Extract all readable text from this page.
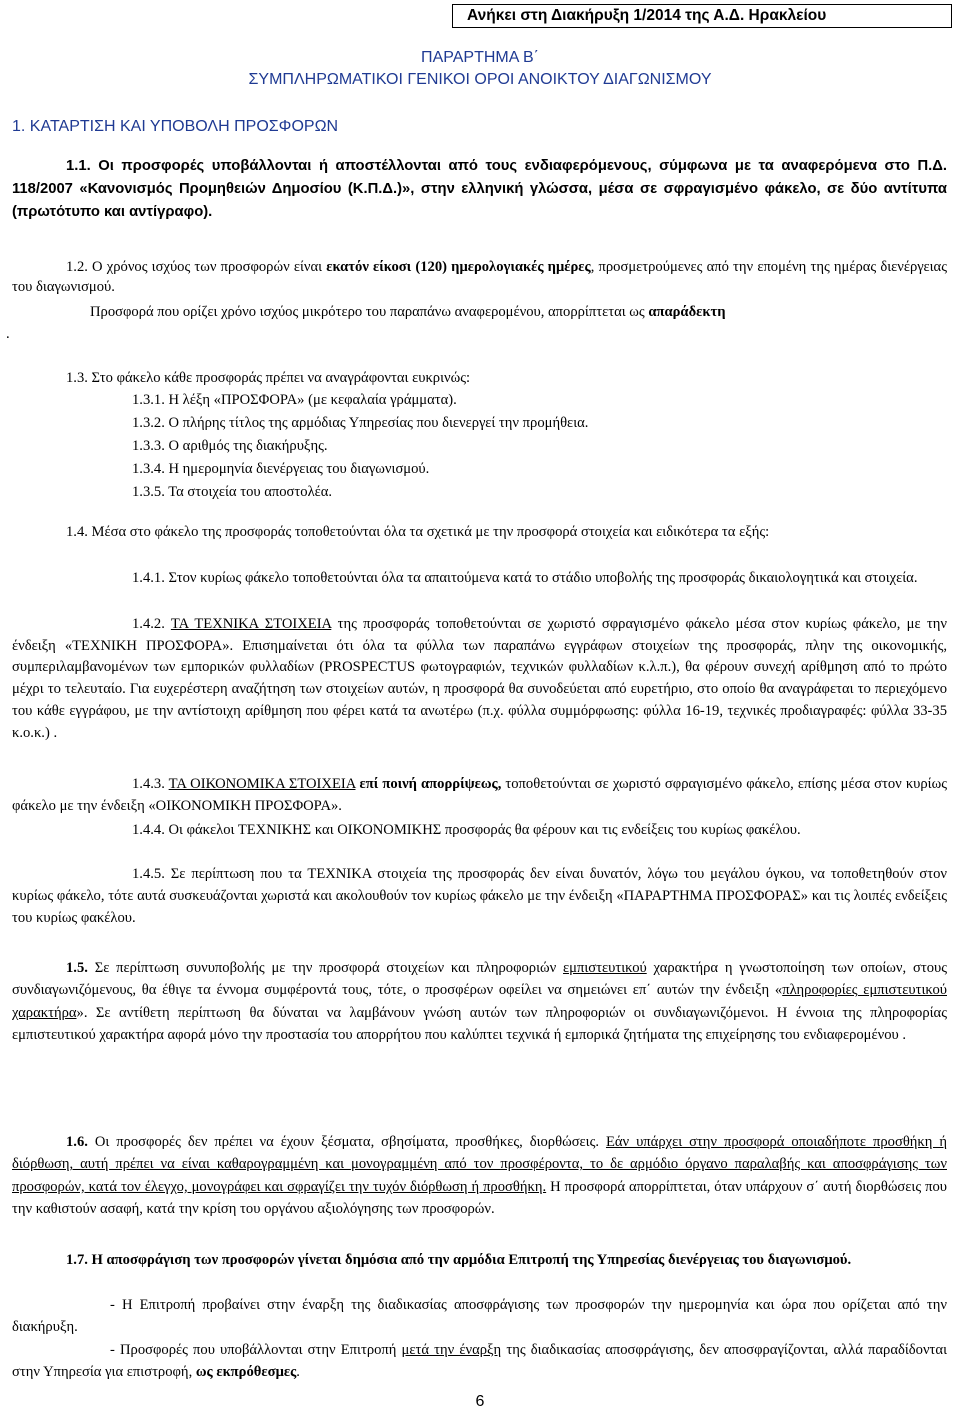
Ανήκει στη Διακήρυξη 1/2014 της Α.Δ. Ηρακλείου
ΠΑΡΑΡΤΗΜΑ Β΄
ΣΥΜΠΛΗΡΩΜΑΤΙΚΟΙ ΓΕΝΙΚΟΙ ΟΡΟΙ ΑΝΟΙΚΤΟΥ ΔΙΑΓΩΝΙΣΜΟΥ
1. ΚΑΤΑΡΤΙΣΗ ΚΑΙ ΥΠΟΒΟΛΗ ΠΡΟΣΦΟΡΩΝ
1.1. Οι προσφορές υποβάλλονται ή αποστέλλονται από τους ενδιαφερόμενους, σύμφωνα με τα αναφερόμενα στο Π.Δ. 118/2007 «Κανονισμός Προμηθειών Δημοσίου (Κ.Π.Δ.)», στην ελληνική γλώσσα, μέσα σε σφραγισμένο φάκελο, σε δύο αντίτυπα (πρωτότυπο και αντίγραφο).
1.2. Ο χρόνος ισχύος των προσφορών είναι εκατόν είκοσι (120) ημερολογιακές ημέρες, προσμετρούμενες από την επομένη της ημέρας διενέργειας του διαγωνισμού.
Προσφορά που ορίζει χρόνο ισχύος μικρότερο του παραπάνω αναφερομένου, απορρίπτεται ως απαράδεκτη
.
1.3. Στο φάκελο κάθε προσφοράς πρέπει να αναγράφονται ευκρινώς:
1.3.1. Η λέξη «ΠΡΟΣΦΟΡΑ» (με κεφαλαία γράμματα).
1.3.2. Ο πλήρης τίτλος της αρμόδιας Υπηρεσίας που διενεργεί την προμήθεια.
1.3.3. Ο αριθμός της διακήρυξης.
1.3.4. Η ημερομηνία διενέργειας του διαγωνισμού.
1.3.5. Τα στοιχεία του αποστολέα.
1.4. Μέσα στο φάκελο της προσφοράς τοποθετούνται όλα τα σχετικά με την προσφορά στοιχεία και ειδικότερα τα εξής:
1.4.1. Στον κυρίως φάκελο τοποθετούνται όλα τα απαιτούμενα κατά το στάδιο υποβολής της προσφοράς δικαιολογητικά και στοιχεία.
1.4.2. ΤΑ ΤΕΧΝΙΚΑ ΣΤΟΙΧΕΙΑ της προσφοράς τοποθετούνται σε χωριστό σφραγισμένο φάκελο μέσα στον κυρίως φάκελο, με την ένδειξη «ΤΕΧΝΙΚΗ ΠΡΟΣΦΟΡΑ». Επισημαίνεται ότι όλα τα φύλλα των παραπάνω εγγράφων στοιχείων της προσφοράς, πλην της οικονομικής, συμπεριλαμβανομένων των εμπορικών φυλλαδίων (PROSPECTUS φωτογραφιών, τεχνικών φυλλαδίων κ.λ.π.), θα φέρουν συνεχή αρίθμηση από το πρώτο μέχρι το τελευταίο. Για ευχερέστερη αναζήτηση των στοιχείων αυτών, η προσφορά θα συνοδεύεται από ευρετήριο, στο οποίο θα αναγράφεται το περιεχόμενο του κάθε εγγράφου, με την αντίστοιχη αρίθμηση που φέρει κατά τα ανωτέρω (π.χ. φύλλα συμμόρφωσης: φύλλα 16-19, τεχνικές προδιαγραφές: φύλλα 33-35 κ.ο.κ.) .
1.4.3. ΤΑ ΟΙΚΟΝΟΜΙΚΑ ΣΤΟΙΧΕΙΑ επί ποινή απορρίψεως, τοποθετούνται σε χωριστό σφραγισμένο φάκελο, επίσης μέσα στον κυρίως φάκελο με την ένδειξη «ΟΙΚΟΝΟΜΙΚΗ ΠΡΟΣΦΟΡΑ».
1.4.4. Οι φάκελοι ΤΕΧΝΙΚΗΣ και ΟΙΚΟΝΟΜΙΚΗΣ προσφοράς θα φέρουν και τις ενδείξεις του κυρίως φακέλου.
1.4.5. Σε περίπτωση που τα ΤΕΧΝΙΚΑ στοιχεία της προσφοράς δεν είναι δυνατόν, λόγω του μεγάλου όγκου, να τοποθετηθούν στον κυρίως φάκελο, τότε αυτά συσκευάζονται χωριστά και ακολουθούν τον κυρίως φάκελο με την ένδειξη «ΠΑΡΑΡΤΗΜΑ ΠΡΟΣΦΟΡΑΣ» και τις λοιπές ενδείξεις του κυρίως φακέλου.
1.5. Σε περίπτωση συνυποβολής με την προσφορά στοιχείων και πληροφοριών εμπιστευτικού χαρακτήρα η γνωστοποίηση των οποίων, στους συνδιαγωνιζόμενους, θα έθιγε τα έννομα συμφέροντά τους, τότε, ο προσφέρων οφείλει να σημειώνει επ΄ αυτών την ένδειξη «πληροφορίες εμπιστευτικού χαρακτήρα». Σε αντίθετη περίπτωση θα δύναται να λαμβάνουν γνώση αυτών των πληροφοριών οι συνδιαγωνιζόμενοι. Η έννοια της πληροφορίας εμπιστευτικού χαρακτήρα αφορά μόνο την προστασία του απορρήτου που καλύπτει τεχνικά ή εμπορικά ζητήματα της επιχείρησης του ενδιαφερομένου .
1.6. Οι προσφορές δεν πρέπει να έχουν ξέσματα, σβησίματα, προσθήκες, διορθώσεις. Εάν υπάρχει στην προσφορά οποιαδήποτε προσθήκη ή διόρθωση, αυτή πρέπει να είναι καθαρογραμμένη και μονογραμμένη από τον προσφέροντα, το δε αρμόδιο όργανο παραλαβής και αποσφράγισης των προσφορών, κατά τον έλεγχο, μονογράφει και σφραγίζει την τυχόν διόρθωση ή προσθήκη. Η προσφορά απορρίπτεται, όταν υπάρχουν σ΄ αυτή διορθώσεις που την καθιστούν ασαφή, κατά την κρίση του οργάνου αξιολόγησης των προσφορών.
1.7. Η αποσφράγιση των προσφορών γίνεται δημόσια από την αρμόδια Επιτροπή της Υπηρεσίας διενέργειας του διαγωνισμού.
- Η Επιτροπή προβαίνει στην έναρξη της διαδικασίας αποσφράγισης των προσφορών την ημερομηνία και ώρα που ορίζεται από την διακήρυξη.
- Προσφορές που υποβάλλονται στην Επιτροπή μετά την έναρξη της διαδικασίας αποσφράγισης, δεν αποσφραγίζονται, αλλά παραδίδονται στην Υπηρεσία για επιστροφή, ως εκπρόθεσμες.
6
